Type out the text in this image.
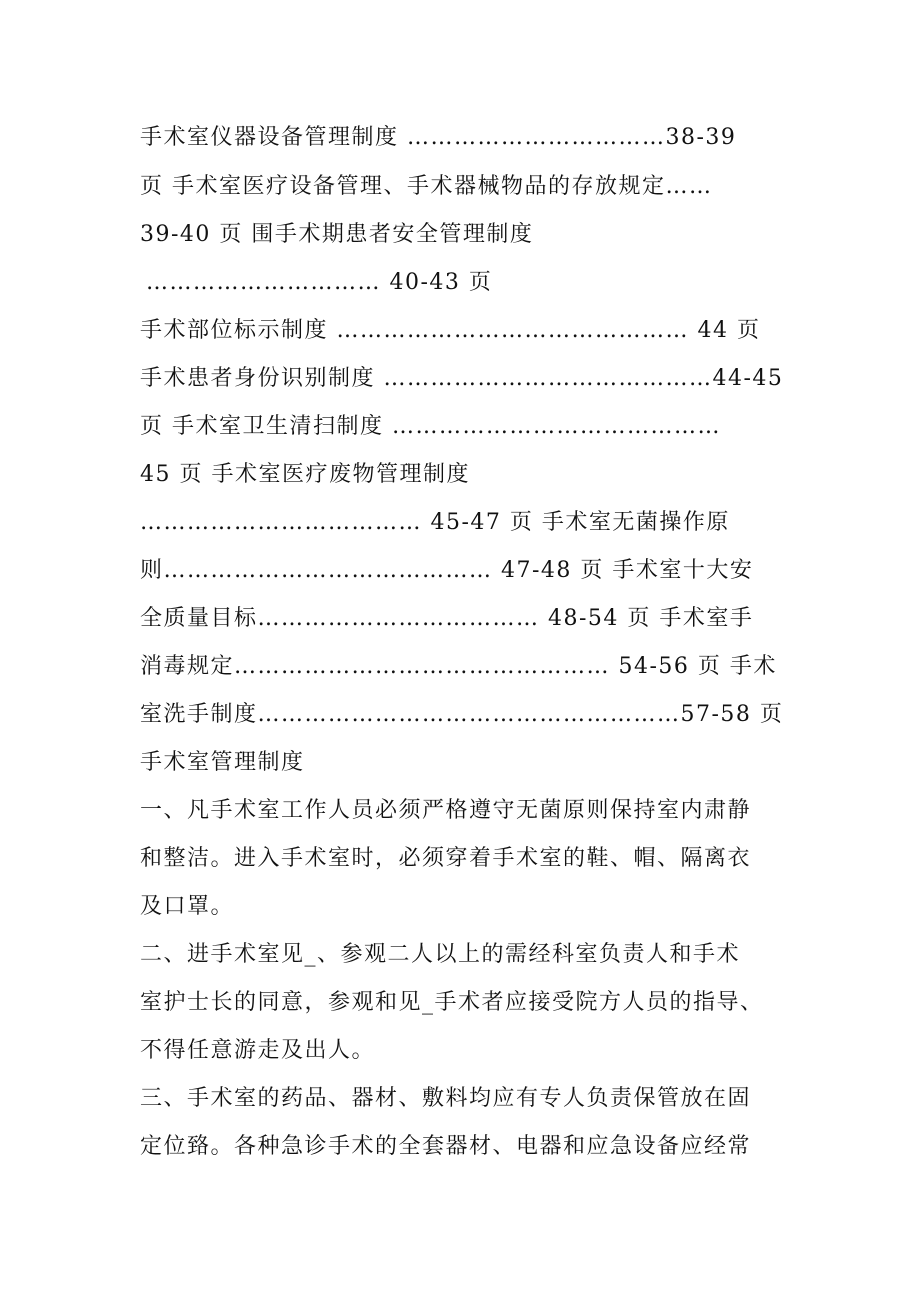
手术室仪器设备管理制度 ……………………………38-39
页 手术室医疗设备管理、手术器械物品的存放规定……
39-40 页 围手术期患者安全管理制度
………………………… 40-43 页
手术部位标示制度 ……………………………………… 44 页
手术患者身份识别制度 ……………………………………44-45
页 手术室卫生清扫制度 ……………………………………
45 页 手术室医疗废物管理制度
……………………………… 45-47 页 手术室无菌操作原
则…………………………………… 47-48 页 手术室十大安
全质量目标……………………………… 48-54 页 手术室手
消毒规定………………………………………… 54-56 页 手术
室洗手制度………………………………………………57-58 页
手术室管理制度
一、凡手术室工作人员必须严格遵守无菌原则保持室内肃静
和整洁。进入手术室时，必须穿着手术室的鞋、帽、隔离衣
及口罩。
二、进手术室见_、参观二人以上的需经科室负责人和手术
室护士长的同意，参观和见_手术者应接受院方人员的指导、
不得任意游走及出人。
三、手术室的药品、器材、敷料均应有专人负责保管放在固
定位臵。各种急诊手术的全套器材、电器和应急设备应经常
